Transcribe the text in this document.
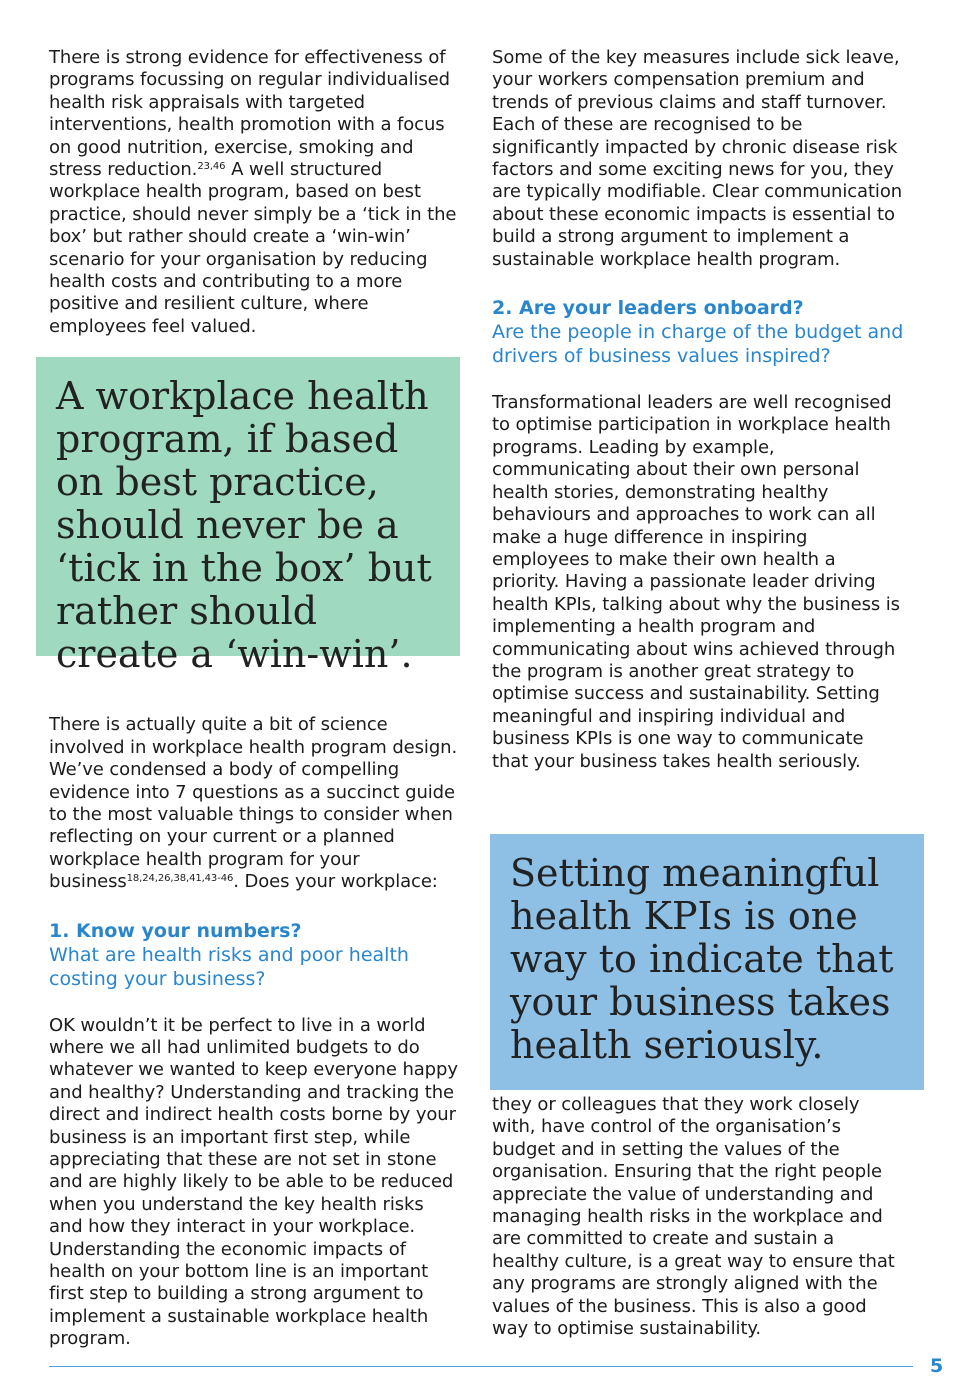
There is strong evidence for effectiveness of programs focussing on regular individualised health risk appraisals with targeted interventions, health promotion with a focus on good nutrition, exercise, smoking and stress reduction.$^{23,46}$ A well structured workplace health program, based on best practice, should never simply be a ‘tick in the box’ but rather should create a ‘win-win’ scenario for your organisation by reducing health costs and contributing to a more positive and resilient culture, where employees feel valued.

There is actually quite a bit of science involved in workplace health program design. We’ve condensed a body of compelling evidence into 7 questions as a succinct guide to the most valuable things to consider when reflecting on your current or a planned workplace health program for your business$^{18,24,26,38,41,43-46}$. Does your workplace:

1. Know your numbers?

What are health risks and poor health costing your business?

OK wouldn’t it be perfect to live in a world where we all had unlimited budgets to do whatever we wanted to keep everyone happy and healthy? Understanding and tracking the direct and indirect health costs borne by your business is an important first step, while appreciating that these are not set in stone and are highly likely to be able to be reduced when you understand the key health risks and how they interact in your workplace. Understanding the economic impacts of health on your bottom line is an important first step to building a strong argument to implement a sustainable workplace health program.

A workplace health program, if based on best practice, should never be a ‘tick in the box’ but rather should create a ‘win-win’.

Some of the key measures include sick leave, your workers compensation premium and trends of previous claims and staff turnover. Each of these are recognised to be significantly impacted by chronic disease risk factors and some exciting news for you, they are typically modifiable. Clear communication about these economic impacts is essential to build a strong argument to implement a sustainable workplace health program.

2. Are your leaders onboard?

Are the people in charge of the budget and drivers of business values inspired?

Transformational leaders are well recognised to optimise participation in workplace health programs. Leading by example, communicating about their own personal health stories, demonstrating healthy behaviours and approaches to work can all make a huge difference in inspiring employees to make their own health a priority. Having a passionate leader driving health KPIs, talking about why the business is implementing a health program and communicating about wins achieved through the program is another great strategy to optimise success and sustainability. Setting meaningful and inspiring individual and business KPIs is one way to communicate that your business takes health seriously.

Setting meaningful health KPIs is one way to indicate that your business takes health seriously.

they or colleagues that they work closely with, have control of the organisation’s budget and in setting the values of the organisation. Ensuring that the right people appreciate the value of understanding and managing health risks in the workplace and are committed to create and sustain a healthy culture, is a great way to ensure that any programs are strongly aligned with the values of the business. This is also a good way to optimise sustainability.

5
